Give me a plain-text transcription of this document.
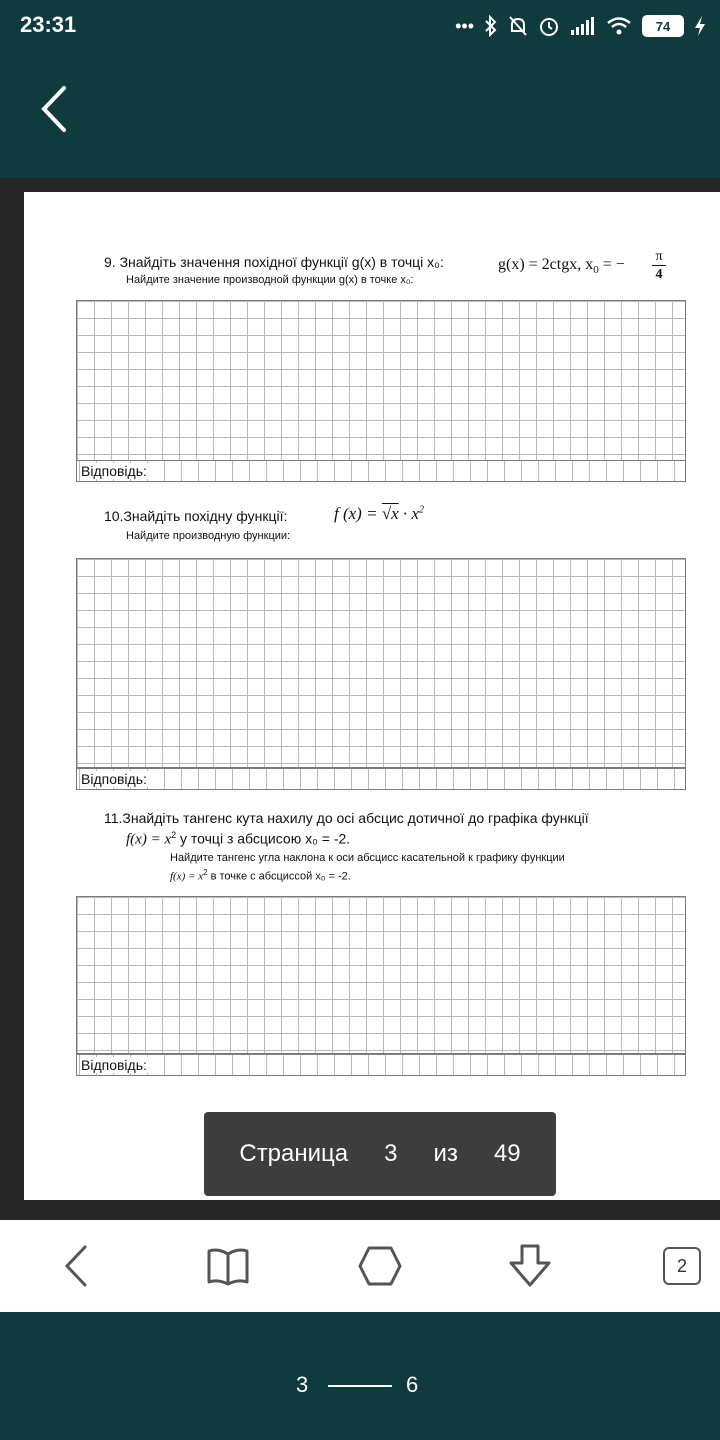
23:31	•••	74
9. Знайдіть значення похідної функції g(x) в точці x₀:
Найдите значение производной функции g(x) в точке x₀:
g(x) = 2ctgx, $x_0$ = − $\frac{\pi}{4}$
Відповідь:
10.Знайдіть похідну функції:
Найдите производную функции:
f $(x) = √x \cdot x^2$
Відповідь:
11.Знайдіть тангенс кута нахилу до осі абсцис дотичної до графіка функції
$f(x) = x^2$ у точці з абсцисою x₀ = -2.
Найдите тангенс угла наклона к оси абсцисс касательной к графику функции
$f(x) = x^2$ в точке с абсциссой x₀ = -2.
Відповідь:
Страница 3 из 49
2
3	6
